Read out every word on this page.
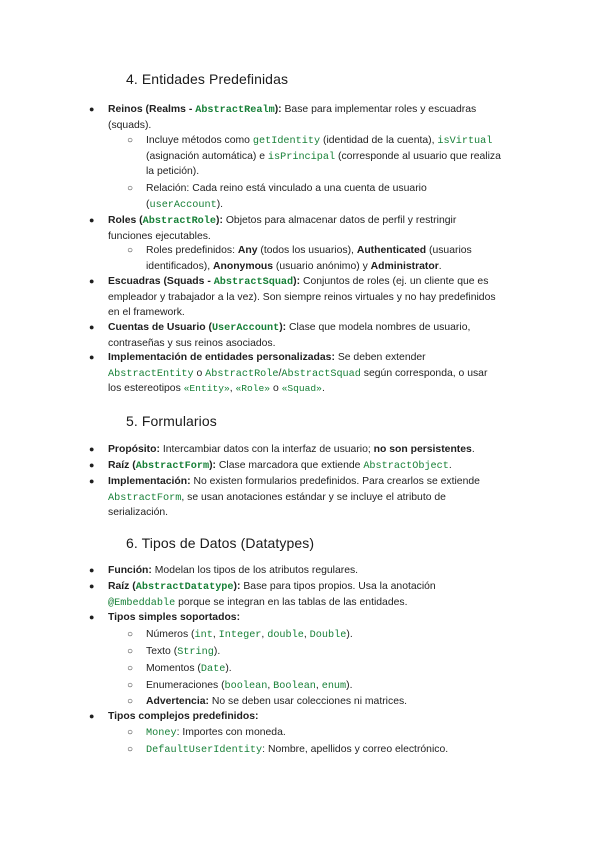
4. Entidades Predefinidas
● Reinos (Realms - AbstractRealm): Base para implementar roles y escuadras
(squads).
○ Incluye métodos como getIdentity (identidad de la cuenta), isVirtual
(asignación automática) e isPrincipal (corresponde al usuario que realiza
la petición).
○ Relación: Cada reino está vinculado a una cuenta de usuario
(userAccount).
● Roles (AbstractRole): Objetos para almacenar datos de perfil y restringir
funciones ejecutables.
○ Roles predefinidos: Any (todos los usuarios), Authenticated (usuarios
identificados), Anonymous (usuario anónimo) y Administrator.
● Escuadras (Squads - AbstractSquad): Conjuntos de roles (ej. un cliente que es
empleador y trabajador a la vez). Son siempre reinos virtuales y no hay predefinidos
en el framework.
● Cuentas de Usuario (UserAccount): Clase que modela nombres de usuario,
contraseñas y sus reinos asociados.
● Implementación de entidades personalizadas: Se deben extender
AbstractEntity o AbstractRole/AbstractSquad según corresponda, o usar
los estereotipos «Entity», «Role» o «Squad».
5. Formularios
● Propósito: Intercambiar datos con la interfaz de usuario; no son persistentes.
● Raíz (AbstractForm): Clase marcadora que extiende AbstractObject.
● Implementación: No existen formularios predefinidos. Para crearlos se extiende
AbstractForm, se usan anotaciones estándar y se incluye el atributo de
serialización.
6. Tipos de Datos (Datatypes)
● Función: Modelan los tipos de los atributos regulares.
● Raíz (AbstractDatatype): Base para tipos propios. Usa la anotación
@Embeddable porque se integran en las tablas de las entidades.
● Tipos simples soportados:
○ Números (int, Integer, double, Double).
○ Texto (String).
○ Momentos (Date).
○ Enumeraciones (boolean, Boolean, enum).
○ Advertencia: No se deben usar colecciones ni matrices.
● Tipos complejos predefinidos:
○ Money: Importes con moneda.
○ DefaultUserIdentity: Nombre, apellidos y correo electrónico.
